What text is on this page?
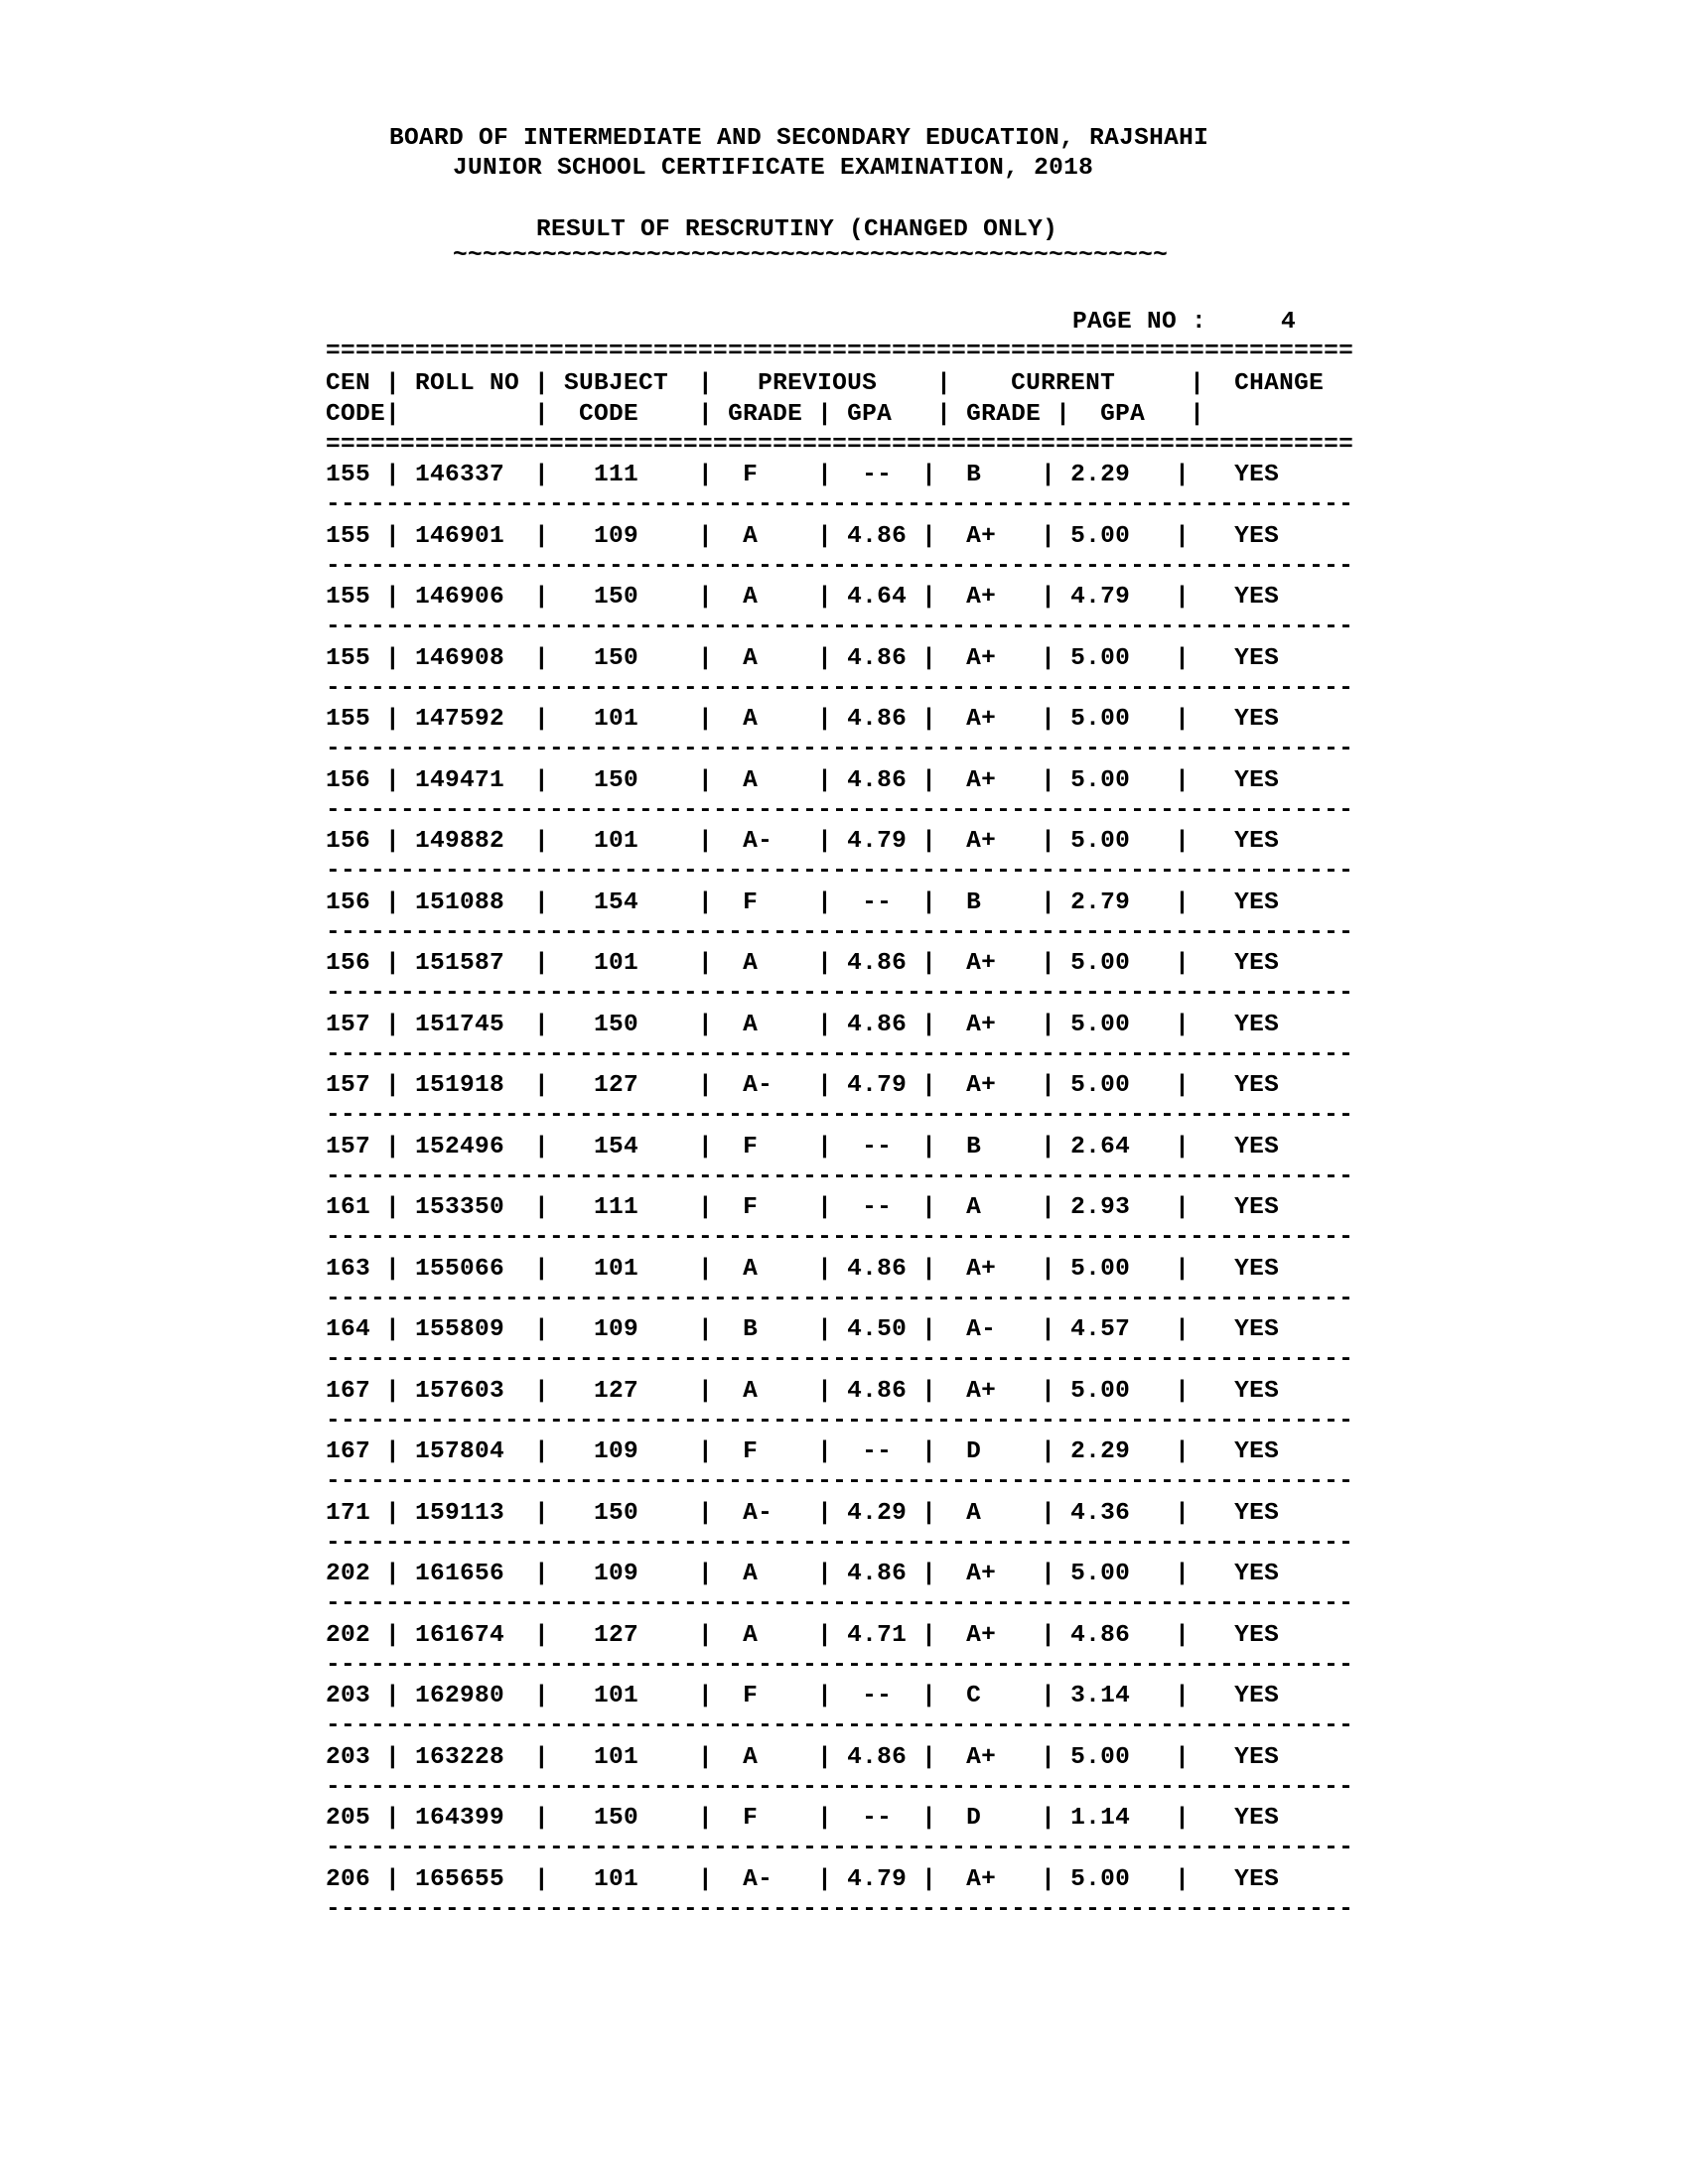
BOARD OF INTERMEDIATE AND SECONDARY EDUCATION, RAJSHAHI
JUNIOR SCHOOL CERTIFICATE EXAMINATION, 2018
RESULT OF RESCRUTINY (CHANGED ONLY)
~~~~~~~~~~~~~~~~~~~~~~~~~~~~~~~~~~~~~~~~~~~~~~~~
PAGE NO :     4
=====================================================================
CEN | ROLL NO | SUBJECT  |   PREVIOUS    |    CURRENT     |  CHANGE
CODE|         |  CODE    | GRADE | GPA   | GRADE |  GPA   |
=====================================================================
155 | 146337  |   111    |  F    |  --  |  B    | 2.29   |   YES
---------------------------------------------------------------------
155 | 146901  |   109    |  A    | 4.86 |  A+   | 5.00   |   YES
---------------------------------------------------------------------
155 | 146906  |   150    |  A    | 4.64 |  A+   | 4.79   |   YES
---------------------------------------------------------------------
155 | 146908  |   150    |  A    | 4.86 |  A+   | 5.00   |   YES
---------------------------------------------------------------------
155 | 147592  |   101    |  A    | 4.86 |  A+   | 5.00   |   YES
---------------------------------------------------------------------
156 | 149471  |   150    |  A    | 4.86 |  A+   | 5.00   |   YES
---------------------------------------------------------------------
156 | 149882  |   101    |  A-   | 4.79 |  A+   | 5.00   |   YES
---------------------------------------------------------------------
156 | 151088  |   154    |  F    |  --  |  B    | 2.79   |   YES
---------------------------------------------------------------------
156 | 151587  |   101    |  A    | 4.86 |  A+   | 5.00   |   YES
---------------------------------------------------------------------
157 | 151745  |   150    |  A    | 4.86 |  A+   | 5.00   |   YES
---------------------------------------------------------------------
157 | 151918  |   127    |  A-   | 4.79 |  A+   | 5.00   |   YES
---------------------------------------------------------------------
157 | 152496  |   154    |  F    |  --  |  B    | 2.64   |   YES
---------------------------------------------------------------------
161 | 153350  |   111    |  F    |  --  |  A    | 2.93   |   YES
---------------------------------------------------------------------
163 | 155066  |   101    |  A    | 4.86 |  A+   | 5.00   |   YES
---------------------------------------------------------------------
164 | 155809  |   109    |  B    | 4.50 |  A-   | 4.57   |   YES
---------------------------------------------------------------------
167 | 157603  |   127    |  A    | 4.86 |  A+   | 5.00   |   YES
---------------------------------------------------------------------
167 | 157804  |   109    |  F    |  --  |  D    | 2.29   |   YES
---------------------------------------------------------------------
171 | 159113  |   150    |  A-   | 4.29 |  A    | 4.36   |   YES
---------------------------------------------------------------------
202 | 161656  |   109    |  A    | 4.86 |  A+   | 5.00   |   YES
---------------------------------------------------------------------
202 | 161674  |   127    |  A    | 4.71 |  A+   | 4.86   |   YES
---------------------------------------------------------------------
203 | 162980  |   101    |  F    |  --  |  C    | 3.14   |   YES
---------------------------------------------------------------------
203 | 163228  |   101    |  A    | 4.86 |  A+   | 5.00   |   YES
---------------------------------------------------------------------
205 | 164399  |   150    |  F    |  --  |  D    | 1.14   |   YES
---------------------------------------------------------------------
206 | 165655  |   101    |  A-   | 4.79 |  A+   | 5.00   |   YES
---------------------------------------------------------------------
